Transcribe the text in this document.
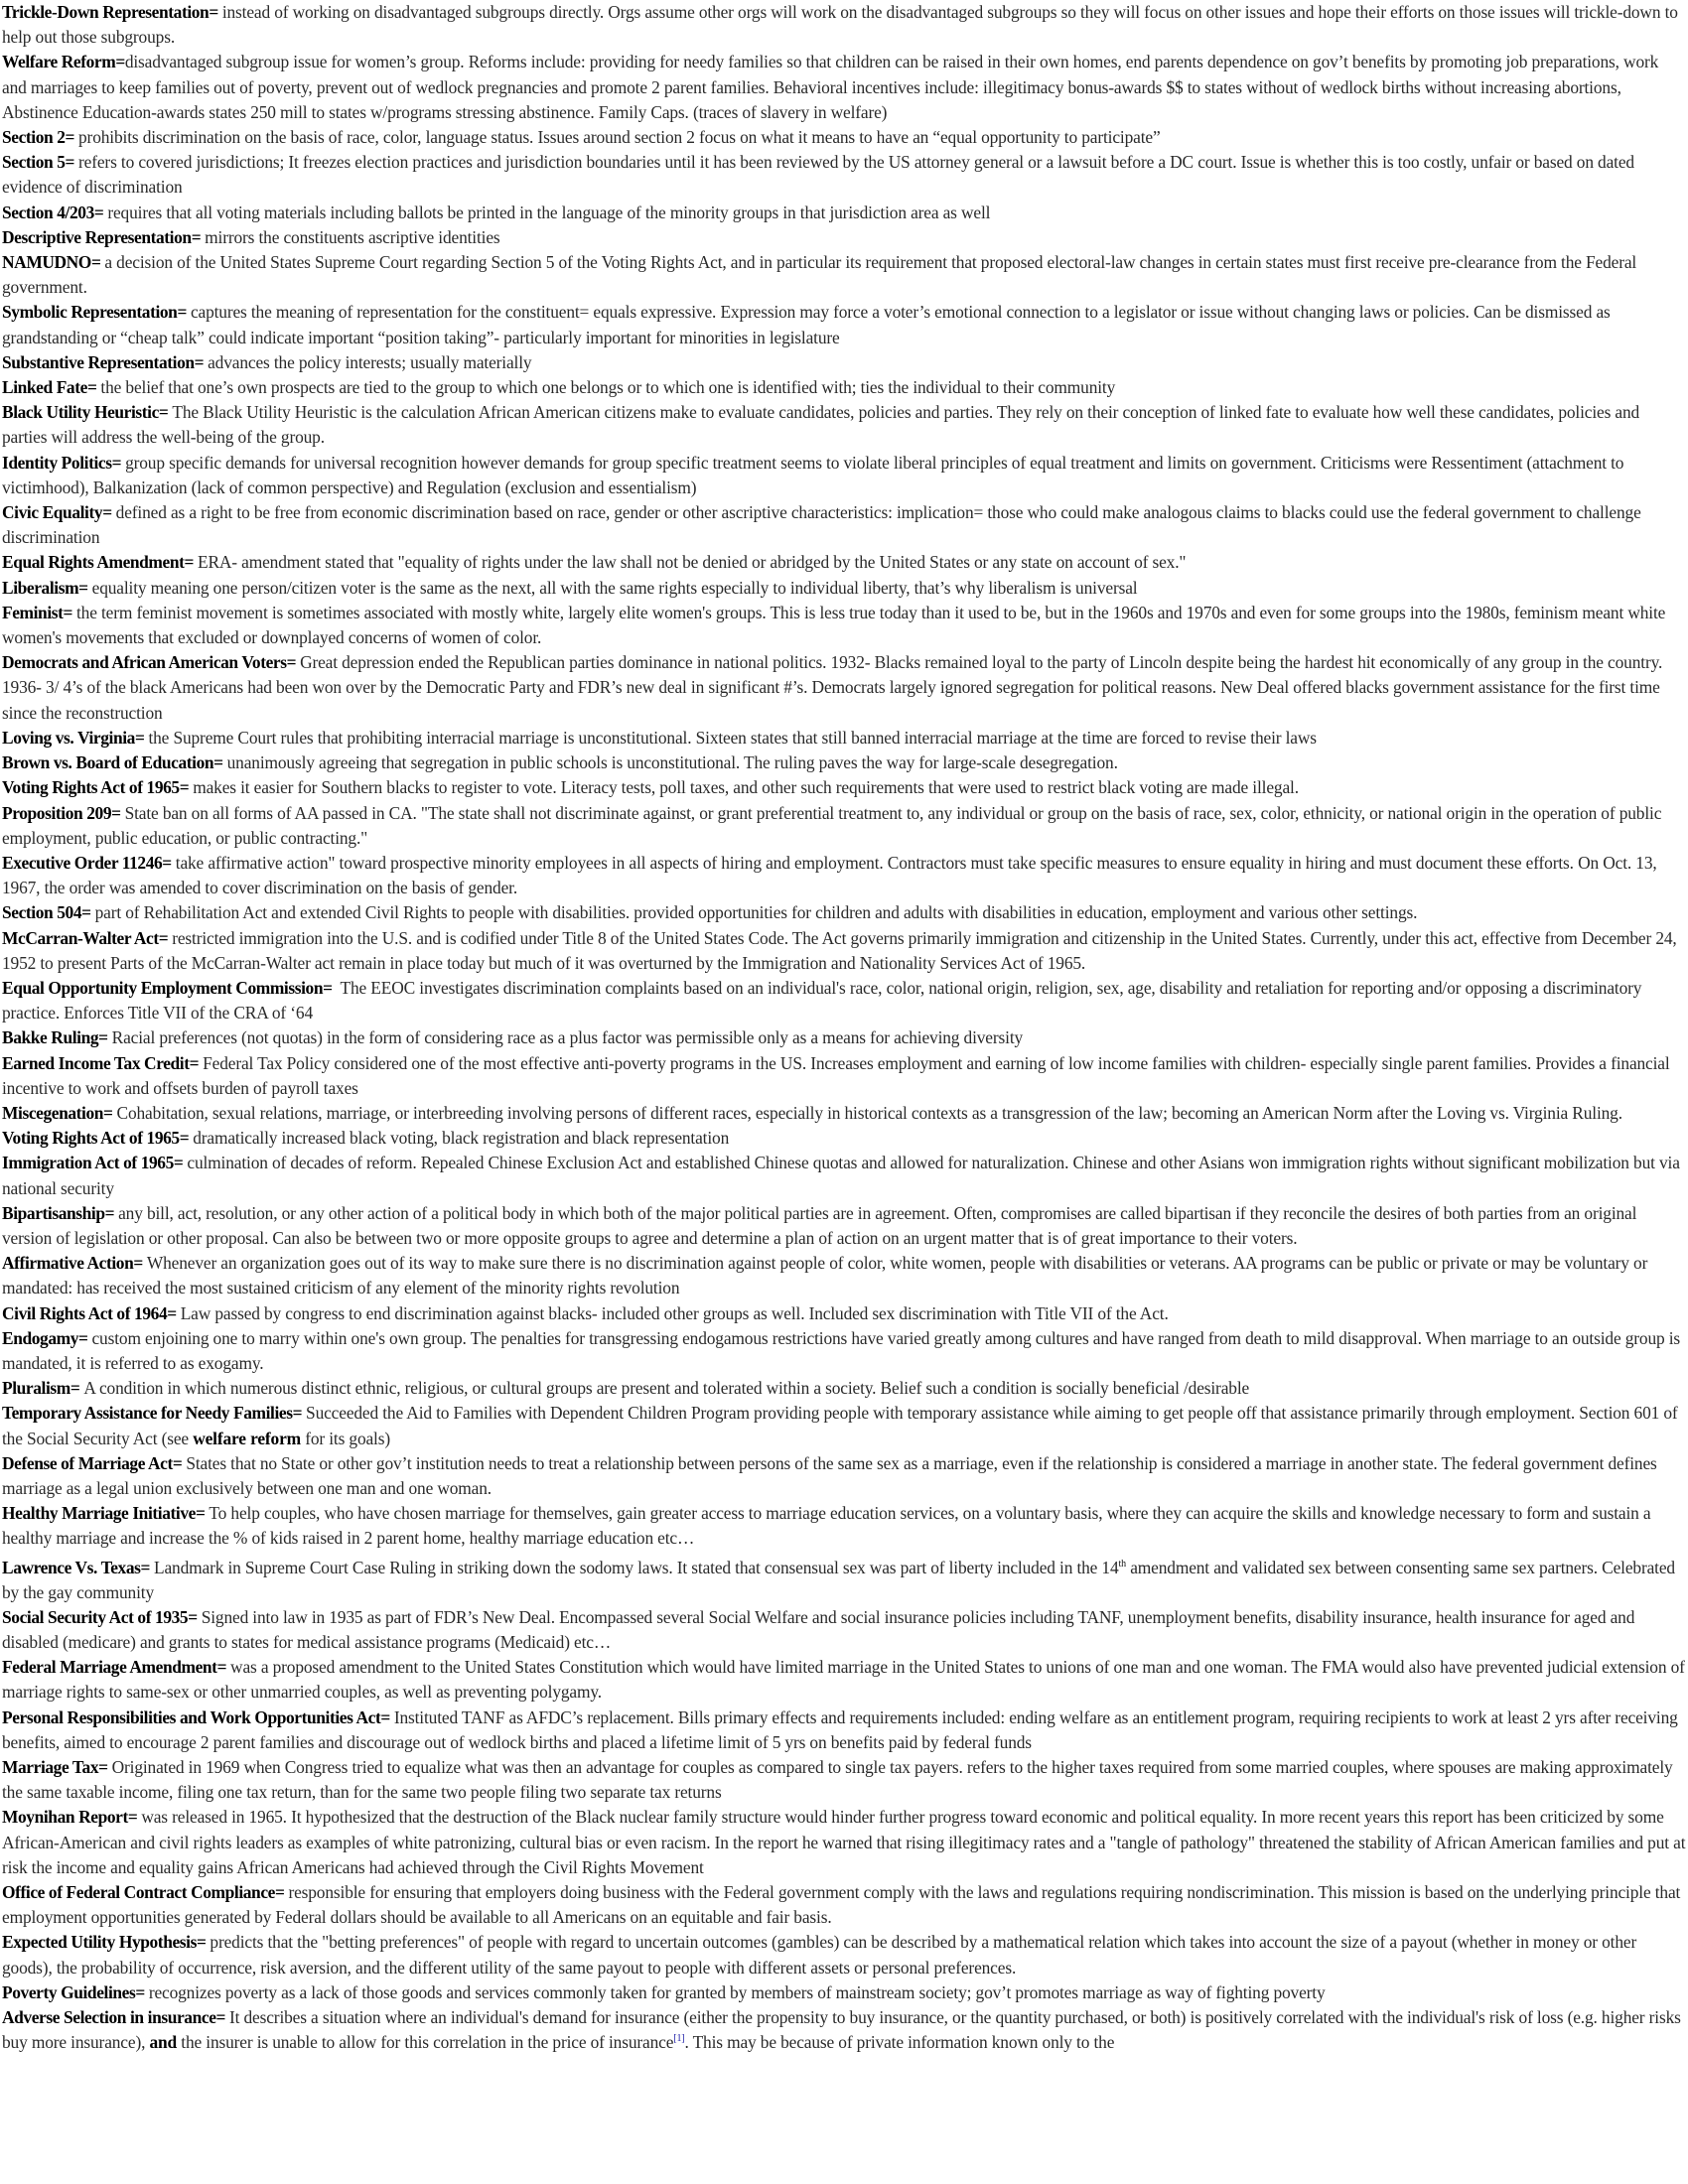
Trickle-Down Representation= instead of working on disadvantaged subgroups directly. Orgs assume other orgs will work on the disadvantaged subgroups so they will focus on other issues and hope their efforts on those issues will trickle-down to help out those subgroups.

Welfare Reform=disadvantaged subgroup issue for women’s group. Reforms include: providing for needy families so that children can be raised in their own homes, end parents dependence on gov’t benefits by promoting job preparations, work and marriages to keep families out of poverty, prevent out of wedlock pregnancies and promote 2 parent families. Behavioral incentives include: illegitimacy bonus-awards $$ to states without of wedlock births without increasing abortions, Abstinence Education-awards states 250 mill to states w/programs stressing abstinence. Family Caps. (traces of slavery in welfare)

Section 2= prohibits discrimination on the basis of race, color, language status. Issues around section 2 focus on what it means to have an “equal opportunity to participate”

Section 5= refers to covered jurisdictions; It freezes election practices and jurisdiction boundaries until it has been reviewed by the US attorney general or a lawsuit before a DC court. Issue is whether this is too costly, unfair or based on dated evidence of discrimination

Section 4/203= requires that all voting materials including ballots be printed in the language of the minority groups in that jurisdiction area as well

Descriptive Representation= mirrors the constituents ascriptive identities

NAMUDNO= a decision of the United States Supreme Court regarding Section 5 of the Voting Rights Act, and in particular its requirement that proposed electoral-law changes in certain states must first receive pre-clearance from the Federal government.

Symbolic Representation= captures the meaning of representation for the constituent= equals expressive. Expression may force a voter’s emotional connection to a legislator or issue without changing laws or policies. Can be dismissed as grandstanding or “cheap talk” could indicate important “position taking”- particularly important for minorities in legislature

Substantive Representation= advances the policy interests; usually materially

Linked Fate= the belief that one’s own prospects are tied to the group to which one belongs or to which one is identified with; ties the individual to their community

Black Utility Heuristic= The Black Utility Heuristic is the calculation African American citizens make to evaluate candidates, policies and parties. They rely on their conception of linked fate to evaluate how well these candidates, policies and parties will address the well-being of the group.

Identity Politics= group specific demands for universal recognition however demands for group specific treatment seems to violate liberal principles of equal treatment and limits on government. Criticisms were Ressentiment (attachment to victimhood), Balkanization (lack of common perspective) and Regulation (exclusion and essentialism)

Civic Equality= defined as a right to be free from economic discrimination based on race, gender or other ascriptive characteristics: implication= those who could make analogous claims to blacks could use the federal government to challenge discrimination

Equal Rights Amendment= ERA- amendment stated that "equality of rights under the law shall not be denied or abridged by the United States or any state on account of sex."

Liberalism= equality meaning one person/citizen voter is the same as the next, all with the same rights especially to individual liberty, that’s why liberalism is universal

Feminist= the term feminist movement is sometimes associated with mostly white, largely elite women's groups. This is less true today than it used to be, but in the 1960s and 1970s and even for some groups into the 1980s, feminism meant white women's movements that excluded or downplayed concerns of women of color.

Democrats and African American Voters= Great depression ended the Republican parties dominance in national politics. 1932- Blacks remained loyal to the party of Lincoln despite being the hardest hit economically of any group in the country. 1936- 3/ 4’s of the black Americans had been won over by the Democratic Party and FDR’s new deal in significant #’s. Democrats largely ignored segregation for political reasons. New Deal offered blacks government assistance for the first time since the reconstruction

Loving vs. Virginia= the Supreme Court rules that prohibiting interracial marriage is unconstitutional. Sixteen states that still banned interracial marriage at the time are forced to revise their laws

Brown vs. Board of Education= unanimously agreeing that segregation in public schools is unconstitutional. The ruling paves the way for large-scale desegregation.

Voting Rights Act of 1965= makes it easier for Southern blacks to register to vote. Literacy tests, poll taxes, and other such requirements that were used to restrict black voting are made illegal.

Proposition 209= State ban on all forms of AA passed in CA. "The state shall not discriminate against, or grant preferential treatment to, any individual or group on the basis of race, sex, color, ethnicity, or national origin in the operation of public employment, public education, or public contracting."

Executive Order 11246= take affirmative action" toward prospective minority employees in all aspects of hiring and employment. Contractors must take specific measures to ensure equality in hiring and must document these efforts. On Oct. 13, 1967, the order was amended to cover discrimination on the basis of gender.

Section 504= part of Rehabilitation Act and extended Civil Rights to people with disabilities. provided opportunities for children and adults with disabilities in education, employment and various other settings.

McCarran-Walter Act= restricted immigration into the U.S. and is codified under Title 8 of the United States Code. The Act governs primarily immigration and citizenship in the United States. Currently, under this act, effective from December 24, 1952 to present Parts of the McCarran-Walter act remain in place today but much of it was overturned by the Immigration and Nationality Services Act of 1965.

Equal Opportunity Employment Commission=  The EEOC investigates discrimination complaints based on an individual's race, color, national origin, religion, sex, age, disability and retaliation for reporting and/or opposing a discriminatory practice. Enforces Title VII of the CRA of ‘64

Bakke Ruling= Racial preferences (not quotas) in the form of considering race as a plus factor was permissible only as a means for achieving diversity

Earned Income Tax Credit= Federal Tax Policy considered one of the most effective anti-poverty programs in the US. Increases employment and earning of low income families with children- especially single parent families. Provides a financial incentive to work and offsets burden of payroll taxes

Miscegenation= Cohabitation, sexual relations, marriage, or interbreeding involving persons of different races, especially in historical contexts as a transgression of the law; becoming an American Norm after the Loving vs. Virginia Ruling.

Voting Rights Act of 1965= dramatically increased black voting, black registration and black representation

Immigration Act of 1965= culmination of decades of reform. Repealed Chinese Exclusion Act and established Chinese quotas and allowed for naturalization. Chinese and other Asians won immigration rights without significant mobilization but via national security

Bipartisanship= any bill, act, resolution, or any other action of a political body in which both of the major political parties are in agreement. Often, compromises are called bipartisan if they reconcile the desires of both parties from an original version of legislation or other proposal. Can also be between two or more opposite groups to agree and determine a plan of action on an urgent matter that is of great importance to their voters.

Affirmative Action= Whenever an organization goes out of its way to make sure there is no discrimination against people of color, white women, people with disabilities or veterans. AA programs can be public or private or may be voluntary or mandated: has received the most sustained criticism of any element of the minority rights revolution

Civil Rights Act of 1964= Law passed by congress to end discrimination against blacks- included other groups as well. Included sex discrimination with Title VII of the Act.

Endogamy= custom enjoining one to marry within one's own group. The penalties for transgressing endogamous restrictions have varied greatly among cultures and have ranged from death to mild disapproval. When marriage to an outside group is mandated, it is referred to as exogamy.

Pluralism= A condition in which numerous distinct ethnic, religious, or cultural groups are present and tolerated within a society. Belief such a condition is socially beneficial /desirable

Temporary Assistance for Needy Families= Succeeded the Aid to Families with Dependent Children Program providing people with temporary assistance while aiming to get people off that assistance primarily through employment. Section 601 of the Social Security Act (see welfare reform for its goals)

Defense of Marriage Act= States that no State or other gov’t institution needs to treat a relationship between persons of the same sex as a marriage, even if the relationship is considered a marriage in another state. The federal government defines marriage as a legal union exclusively between one man and one woman.

Healthy Marriage Initiative= To help couples, who have chosen marriage for themselves, gain greater access to marriage education services, on a voluntary basis, where they can acquire the skills and knowledge necessary to form and sustain a healthy marriage and increase the % of kids raised in 2 parent home, healthy marriage education etc…

Lawrence Vs. Texas= Landmark in Supreme Court Case Ruling in striking down the sodomy laws. It stated that consensual sex was part of liberty included in the 14th amendment and validated sex between consenting same sex partners. Celebrated by the gay community

Social Security Act of 1935= Signed into law in 1935 as part of FDR’s New Deal. Encompassed several Social Welfare and social insurance policies including TANF, unemployment benefits, disability insurance, health insurance for aged and disabled (medicare) and grants to states for medical assistance programs (Medicaid) etc…

Federal Marriage Amendment= was a proposed amendment to the United States Constitution which would have limited marriage in the United States to unions of one man and one woman. The FMA would also have prevented judicial extension of marriage rights to same-sex or other unmarried couples, as well as preventing polygamy.

Personal Responsibilities and Work Opportunities Act= Instituted TANF as AFDC’s replacement. Bills primary effects and requirements included: ending welfare as an entitlement program, requiring recipients to work at least 2 yrs after receiving benefits, aimed to encourage 2 parent families and discourage out of wedlock births and placed a lifetime limit of 5 yrs on benefits paid by federal funds

Marriage Tax= Originated in 1969 when Congress tried to equalize what was then an advantage for couples as compared to single tax payers. refers to the higher taxes required from some married couples, where spouses are making approximately the same taxable income, filing one tax return, than for the same two people filing two separate tax returns

Moynihan Report= was released in 1965. It hypothesized that the destruction of the Black nuclear family structure would hinder further progress toward economic and political equality. In more recent years this report has been criticized by some African-American and civil rights leaders as examples of white patronizing, cultural bias or even racism. In the report he warned that rising illegitimacy rates and a "tangle of pathology" threatened the stability of African American families and put at risk the income and equality gains African Americans had achieved through the Civil Rights Movement

Office of Federal Contract Compliance= responsible for ensuring that employers doing business with the Federal government comply with the laws and regulations requiring nondiscrimination. This mission is based on the underlying principle that employment opportunities generated by Federal dollars should be available to all Americans on an equitable and fair basis.

Expected Utility Hypothesis= predicts that the "betting preferences" of people with regard to uncertain outcomes (gambles) can be described by a mathematical relation which takes into account the size of a payout (whether in money or other goods), the probability of occurrence, risk aversion, and the different utility of the same payout to people with different assets or personal preferences.

Poverty Guidelines= recognizes poverty as a lack of those goods and services commonly taken for granted by members of mainstream society; gov’t promotes marriage as way of fighting poverty

Adverse Selection in insurance= It describes a situation where an individual's demand for insurance (either the propensity to buy insurance, or the quantity purchased, or both) is positively correlated with the individual's risk of loss (e.g. higher risks buy more insurance), and the insurer is unable to allow for this correlation in the price of insurance[1]. This may be because of private information known only to the
